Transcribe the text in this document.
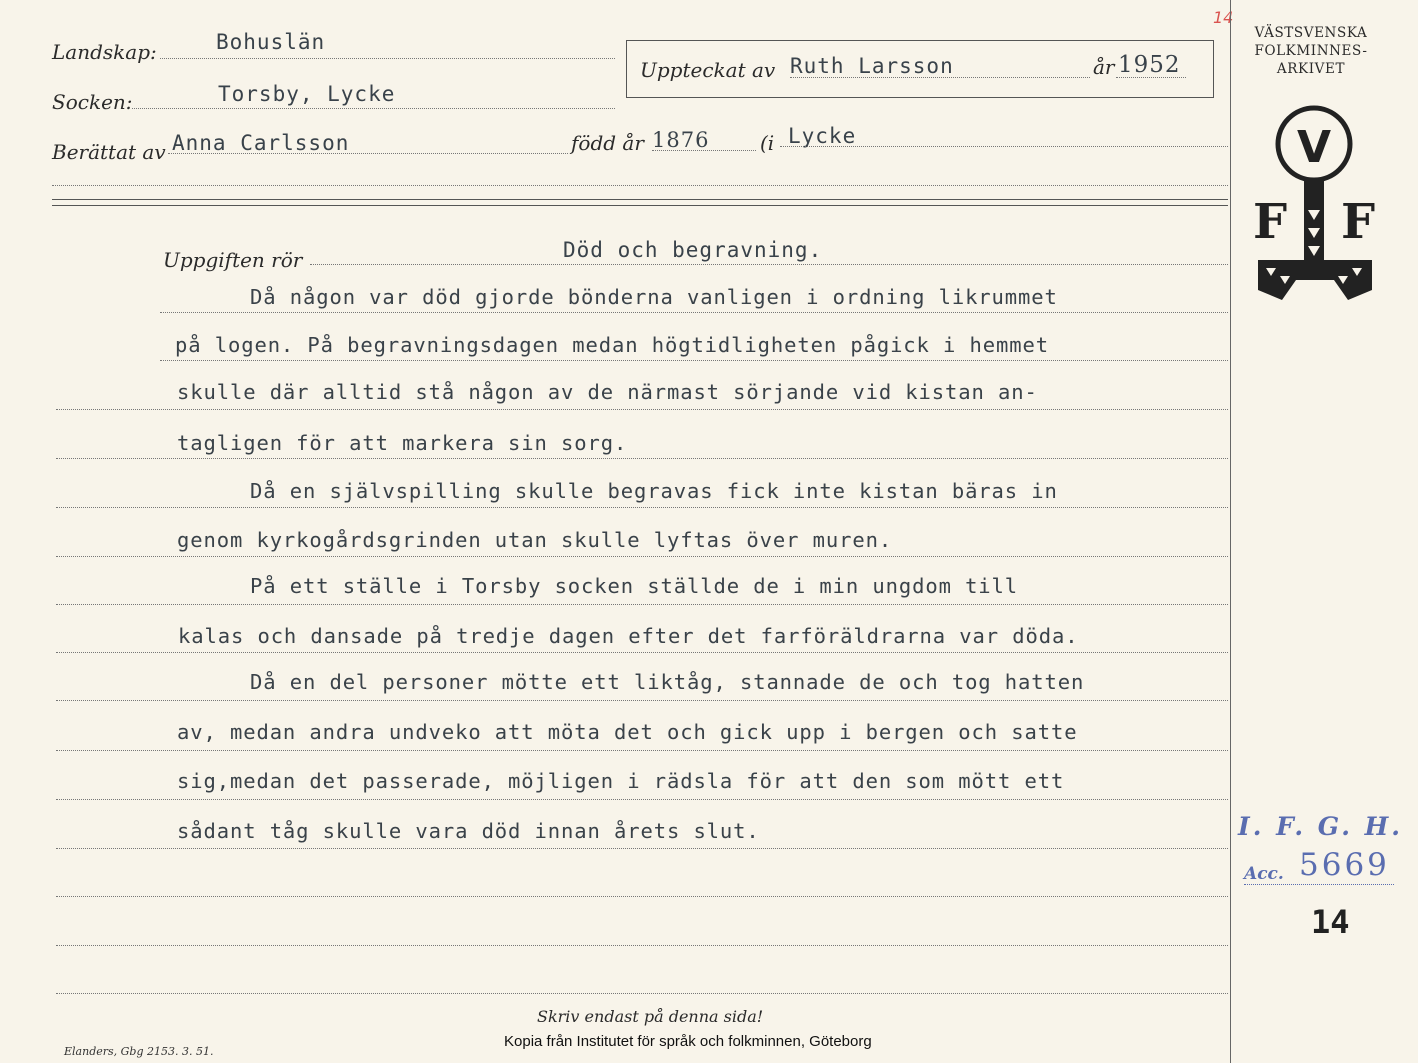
Landskap:	Bohuslän
Socken:	Torsby, Lycke
Uppteckat av Ruth Larsson	år 1952
14
Berättat av Anna Carlsson	född år 1876	(i Lycke
VÄSTSVENSKA
FOLKMINNES-
ARKIVET
V
F F
Uppgiften rör	Död och begravning.
Då någon var död gjorde bönderna vanligen i ordning likrummet
på logen. På begravningsdagen medan högtidligheten pågick i hemmet
skulle där alltid stå någon av de närmast sörjande vid kistan an-
tagligen för att markera sin sorg.
Då en självspilling skulle begravas fick inte kistan bäras in
genom kyrkogårdsgrinden utan skulle lyftas över muren.
På ett ställe i Torsby socken ställde de i min ungdom till
kalas och dansade på tredje dagen efter det farföräldrarna var döda.
Då en del personer mötte ett liktåg, stannade de och tog hatten
av, medan andra undveko att möta det och gick upp i bergen och satte
sig,medan det passerade, möjligen i rädsla för att den som mött ett
sådant tåg skulle vara död innan årets slut.	I. F. G. H.
Acc. 5669
14
Skriv endast på denna sida!
Elanders, Gbg 2153. 3. 51.
Kopia från Institutet för språk och folkminnen, Göteborg
